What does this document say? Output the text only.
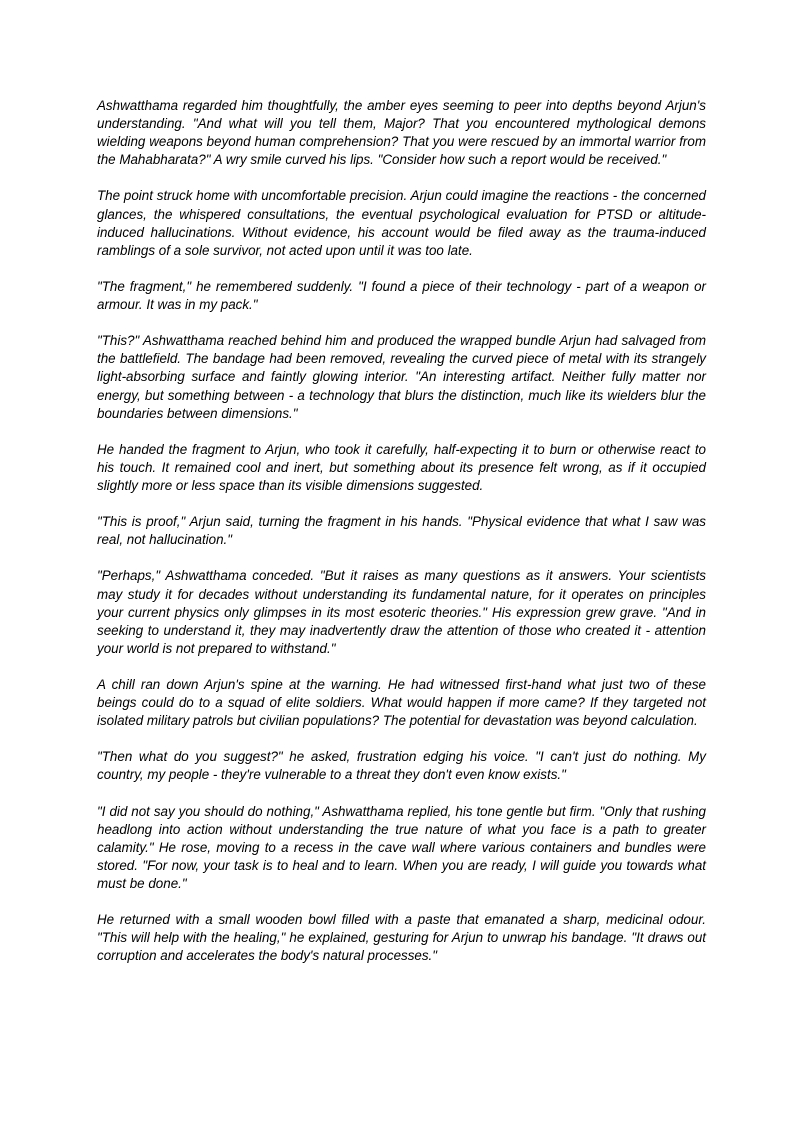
Ashwatthama regarded him thoughtfully, the amber eyes seeming to peer into depths beyond Arjun's understanding. "And what will you tell them, Major? That you encountered mythological demons wielding weapons beyond human comprehension? That you were rescued by an immortal warrior from the Mahabharata?" A wry smile curved his lips. "Consider how such a report would be received."

The point struck home with uncomfortable precision. Arjun could imagine the reactions - the concerned glances, the whispered consultations, the eventual psychological evaluation for PTSD or altitude-induced hallucinations. Without evidence, his account would be filed away as the trauma-induced ramblings of a sole survivor, not acted upon until it was too late.

"The fragment," he remembered suddenly. "I found a piece of their technology - part of a weapon or armour. It was in my pack."

"This?" Ashwatthama reached behind him and produced the wrapped bundle Arjun had salvaged from the battlefield. The bandage had been removed, revealing the curved piece of metal with its strangely light-absorbing surface and faintly glowing interior. "An interesting artifact. Neither fully matter nor energy, but something between - a technology that blurs the distinction, much like its wielders blur the boundaries between dimensions."

He handed the fragment to Arjun, who took it carefully, half-expecting it to burn or otherwise react to his touch. It remained cool and inert, but something about its presence felt wrong, as if it occupied slightly more or less space than its visible dimensions suggested.

"This is proof," Arjun said, turning the fragment in his hands. "Physical evidence that what I saw was real, not hallucination."

"Perhaps," Ashwatthama conceded. "But it raises as many questions as it answers. Your scientists may study it for decades without understanding its fundamental nature, for it operates on principles your current physics only glimpses in its most esoteric theories." His expression grew grave. "And in seeking to understand it, they may inadvertently draw the attention of those who created it - attention your world is not prepared to withstand."

A chill ran down Arjun's spine at the warning. He had witnessed first-hand what just two of these beings could do to a squad of elite soldiers. What would happen if more came? If they targeted not isolated military patrols but civilian populations? The potential for devastation was beyond calculation.

"Then what do you suggest?" he asked, frustration edging his voice. "I can't just do nothing. My country, my people - they're vulnerable to a threat they don't even know exists."

"I did not say you should do nothing," Ashwatthama replied, his tone gentle but firm. "Only that rushing headlong into action without understanding the true nature of what you face is a path to greater calamity." He rose, moving to a recess in the cave wall where various containers and bundles were stored. "For now, your task is to heal and to learn. When you are ready, I will guide you towards what must be done."

He returned with a small wooden bowl filled with a paste that emanated a sharp, medicinal odour. "This will help with the healing," he explained, gesturing for Arjun to unwrap his bandage. "It draws out corruption and accelerates the body's natural processes."
